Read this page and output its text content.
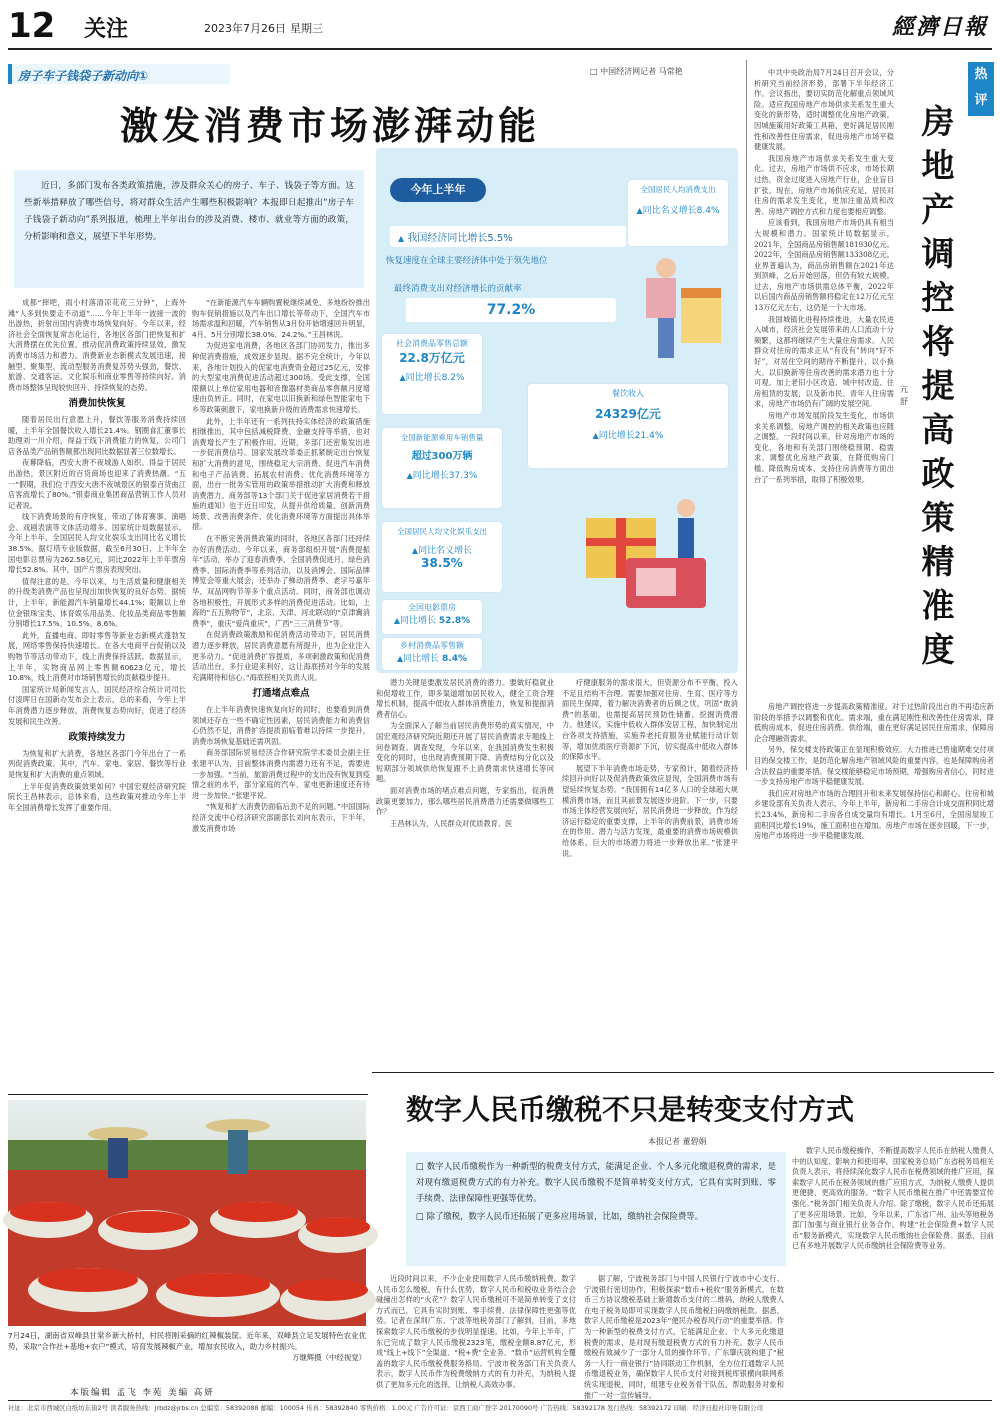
12 关注	2023年7月26日 星期三	經濟日報
房子车子钱袋子新动向①	□ 中国经济网记者 马常艳
激发消费市场澎湃动能

近日，多部门发布各类政策措施，涉及群众关心的房子、车子、钱袋子等方面。这些新举措释放了哪些信号，将对群众生活产生哪些积极影响？本报即日起推出“房子车子钱袋子新动向”系列报道，梳理上半年出台的涉及消费、楼市、就业等方面的政策，分析影响和意义，展望下半年形势。

今年上半年
▲ 我国经济同比增长5.5%
恢复速度在全球主要经济体中处于领先地位
最终消费支出对经济增长的贡献率
77.2%
全国居民人均消费支出
▲同比名义增长8.4%
社会消费品零售总额
22.8万亿元
▲同比增长8.2%
餐饮收入
24329亿元
▲同比增长21.4%
全国新能源乘用车销售量
超过300万辆
▲同比增长37.3%
全国居民人均文化娱乐支出
▲同比名义增长
38.5%
全国电影票房
▲同比增长 52.8%
乡村消费品零售额
▲同比增长 8.4%

成都“摔吧，雨小村落清凉花花三分钟”，上海外滩“人多到快要走不动道”……今年上半年一波接一波的出游热，折射出国内消费市场恢复向好。今年以来，经济社会全面恢复常态化运行，各地区各部门把恢复和扩大消费摆在优先位置，推动促消费政策持续显效，激发消费市场活力和潜力。消费新业态新模式发展迅速，接触型、聚集型、流动型服务消费复苏势头强劲，餐饮、旅游、交通客运、文化娱乐和商业零售等持续向好。消费市场整体呈现较快回升、持续恢复的态势。

消费加快恢复

随着居民出行意愿上升，餐饮等服务消费持续回暖，上半年全国餐饮收入增长21.4%。钢圈食汇董事长助理刘一川介绍，得益于线下消费能力的恢复，公司门店各品类产品销售额都出现同比数据显著三位数增长。

夜幕降临，西安大唐不夜城游人如织。得益于居民出游热，景区附近的百货商场也迎来了消费热潮。“五一”假期，我们位于西安大唐不夜城景区的银泰百货曲江店客流增长了80%。”银泰商业集团商品营销工作人员对记者说。

线下消费场景的有序恢复，带动了体育赛事、演唱会、戏剧表演等文体活动增多。国家统计局数据显示，今年上半年，全国居民人均文化娱乐支出同比名义增长38.5%。据灯塔专业版数据，截至6月30日，上半年全国电影总票房为262.58亿元，同比2022年上半年票房增长52.8%。其中，国产片票房表现突出。

值得注意的是，今年以来，与生活质量和健康相关的升级类消费产品也呈现出加快恢复的良好态势。据统计，上半年，新能源汽车销量增长44.1%；限额以上单位金银珠宝类、体育娱乐用品类、化妆品类商品零售额分别增长17.5%、10.5%、8.6%。

此外，直播电商、即时零售等新业态新模式蓬勃发展，网络零售保持快速增长。在各大电商平台促销以及购物节等活动带动下，线上消费保持活跃。数据显示，上半年，实物商品网上零售额60623亿元，增长10.8%，线上消费对市场销售增长的贡献稳步提升。

国家统计局新闻发言人、国民经济综合统计司司长付凌晖日在国新办发布会上表示，总的来看，今年上半年消费潜力逐步释放，消费恢复态势向好，促进了经济发展和民生改善。

政策持续发力

为恢复和扩大消费，各地区各部门今年出台了一系列促消费政策。其中，汽车、家电、家居、餐饮等行业是恢复和扩大消费的重点领域。

上半年促消费政策效果如何？中国宏观经济研究院院长王昌林表示，总体来看，这些政策对推动今年上半年全国消费增长发挥了重要作用。

“在新能源汽车车辆购置税继续减免、多地纷纷推出购车促销措施以及汽车出口增长等带动下，全国汽车市场需求温和回暖，汽车销售从3月份开始增速回升明显，4月、5月分别增长38.0%、24.2%。”王昌林说。

为促进家电消费，各地区各部门协同发力，推出多种促消费措施，成效逐步显现。据不完全统计，今年以来，各地计划投入的促家电消费资金超过25亿元，安排的大型家电消费促进活动超过300场。受此支撑，全国限额以上单位家用电器和音像器材类商品零售额月度增速由负转正。同时，在家电以旧换新和绿色智能家电下乡等政策刺激下，家电换新升级的消费需求快速增长。

此外，上半年还有一系列扶持实体经济的政策措施相继推出，其中包括减税降费、金融支持等举措，也对消费增长产生了积极作用。近期，多部门还密集发出进一步促消费信号。国家发展改革委正抓紧制定出台恢复和扩大消费的意见，围绕稳定大宗消费、促进汽车消费和电子产品消费、拓展农村消费、优化消费环境等方面，出台一批务实管用的政策举措推动扩大消费和释放消费潜力。商务部等13个部门关于促进家居消费若干措施的通知》也于近日印发，从提升供给质量、创新消费场景、改善消费条件、优化消费环境等方面提出具体举措。

在不断完善消费政策的同时，各地区各部门还持续办好消费活动。今年以来，商务部组织开展“消费提振年”活动，举办了迎春消费季、全国消费促进月、绿色消费季、国际消费季等系列活动，以及消博会、国际品牌博览会等重大展会，还举办了梯动消费季、老字号嘉年华、双品网购节等多个重点活动。同时，商务部也调动各地积极性，开展形式多样的消费促进活动。比如，上海的“五五购物节”，北京、天津、河北联动的“京津冀消费季”，重庆“爱尚重庆”，广西“三三消费节”等。

在促消费政策激励和促消费活动带动下，居民消费潜力逐步释放，居民消费意愿有所提升，也为企业注入更多动力。“促进消费扩容提质，多项刺激政策和促消费活动出台，多行业迎来利好，这让海底捞对今年的发展充满期待和信心。”海底捞相关负责人说。

打通堵点难点

在上半年消费快速恢复向好的同时，也要看到消费领域还存在一些不确定性因素，居民消费能力和消费信心仍然不足，消费扩容提质面临着难以持续一步提升，消费市场恢复基础还需巩固。

商务部国际贸易经济合作研究院学术委员会副主任张建平认为，目前整体消费内需潜力还有不足，需要进一步加强。“当前，旅游消费过程中的支出没有恢复到疫情之前的水平，部分家庭的汽车、家电更新速度还有待进一步加快。”张建平说。

“恢复和扩大消费仍面临后劲不足的问题。”中国国际经济交流中心经济研究部副部长刘向东表示，下半年，激发消费市场

潜力关键是要激发居民消费的潜力。要做好稳就业和促增收工作，即多渠道增加居民收入，健全工资合理增长机制，提高中低收入群体消费能力，恢复和提振消费者信心。

为全面深入了解当前居民消费形势的真实情况，中国宏观经济研究院近期还开展了居民消费需求专题线上问卷调查。调查发现，今年以来，在我国消费发生积极变化的同时，也出现消费预期下降、消费结构分化以及短期部分领域供给恢复跟不上消费需求快速增长等问题。

面对消费市场的堵点难点问题，专家指出，促消费政策更要加力，那么哪些居民消费潜力还需要做哪些工作？

王昌林认为，人民群众对优质教育、医

疗健康服务的需求很大，但资源分布不平衡，投入不足且结构不合理。需要加强对住房、生育、医疗等方面民生保障，着力解决消费者的后顾之忧，巩固“敢消费”的基础，也需提高居民预防性储蓄，挖掘消费潜力。他建议，实施中低收入群体安居工程，加快制定出台各项支持措施，实施养老托育服务业赋能行动计划等，增加优质医疗资源扩下沉，切实提高中低收入群体的保障水平。

展望下半年消费市场走势，专家预计，随着经济持续回升向好以及促消费政策效应显现，全国消费市场有望延续恢复态势。“我国拥有14亿多人口的全球超大规模消费市场，而且其前景发展逐步进阶。下一步，只要市场主体经营发展向好，居民消费进一步释放，作为经济运行稳定的重要支撑，上半年的消费前景，消费市场在的作用、潜力与活力发现，最重要的消费市场规模供给体系，巨大的市场潜力将进一步释放出来。”张建平说。

热
评
房地产调控将提高政策精准度
亢舒

中共中央政治局7月24日召开会议，分析研究当前经济形势，部署下半年经济工作。会议指出，要切实防范化解重点领域风险。适应我国房地产市场供求关系发生重大变化的新形势，适时调整优化房地产政策，因城施策用好政策工具箱，更好满足居民刚性和改善性住房需求，促进房地产市场平稳健康发展。

我国房地产市场供求关系发生重大变化。过去，房地产市场供不应求，市场长期过热，资金过度进入房地产行业，企业盲目扩张。现在，房地产市场供应充足，居民对住房的需求发生变化，更加注重品质和改善。房地产调控方式和力度也要相应调整。

应该看到，我国房地产市场仍具有相当大规模和潜力。国家统计局数据显示，2021年，全国商品房销售额181930亿元。2022年，全国商品房销售额133308亿元。业界普遍认为，商品房销售额在2021年达到顶峰，之后开始回落，但仍有较大规模。过去，房地产市场供需总体平衡，2022年以后国内商品房销售额将稳定在12万亿元至13万亿元左右，这仍是一个大市场。

我国城镇化进程持续推进，大量农民进入城市，经济社会发展带来的人口流动十分频繁，这都将继续产生大量住房需求。人民群众对住房的需求正从“有没有”转向“好不好”，对居住空间的期待不断提升，以小换大、以旧换新等住房改善的需求潜力也十分可观。加上老旧小区改造、城中村改造、住房租赁的发展，以及新市民、青年人住房需求，房地产市场仍有广阔的发展空间。

房地产市场发展阶段发生变化，市场供求关系调整，房地产调控的相关政策也应随之调整。一段时间以来，针对房地产市场的变化，各地和有关部门围绕稳预期、稳需求、调整优化房地产政策，在降低购房门槛、降低购房成本、支持住房消费等方面出台了一系列举措，取得了积极效果。

房地产调控将进一步提高政策精准度。对于过热阶段出台的不再适应新阶段的举措予以调整和优化。需求端，重在满足刚性和改善性住房需求，降低购房成本，促进住房消费。供给端，重在更好满足居民住房需求，保障房企合理融资需求。

另外，保交楼支持政策正在显现积极效应。大力推进已售逾期难交付项目的保交楼工作，是防范化解房地产领域风险的重要内容，也是保障购房者合法权益的重要举措。保交楼能够稳定市场预期，增强购房者信心，同时进一步支持房地产市场平稳健康发展。

我们应对房地产市场的合理回升和未来发展保持信心和耐心。住房和城乡建设部有关负责人表示，今年上半年，新房和二手房合计成交面积同比增长23.4%，新房和二手房各自成交量均有增长。1月至6月，全国房屋竣工面积同比增长19%，施工面积也在增加。房地产市场在逐步回暖，下一步，房地产市场将进一步平稳健康发展。

数字人民币缴税不只是转变支付方式
本报记者 董碧娟

□ 数字人民币缴税作为一种新型的税费支付方式，能满足企业、个人多元化缴退税费的需求，是对现有缴退税费方式的有力补充。数字人民币缴税不是简单转变支付方式，它具有实时到账、零手续费、法律保障性更强等优势。

□ 除了缴税，数字人民币还拓展了更多应用场景，比如，缴纳社会保险费等。

近段时间以来，不少企业使用数字人民币缴纳税费。数字人民币怎么缴税，有什么优势，数字人民币和税收业务结合会碰撞出怎样的“火花”？数字人民币缴税可不是简单转变了支付方式而已，它具有实时到账、零手续费、法律保障性更强等优势。记者在深圳广东、宁波等地税务部门了解到，目前，多地探索数字人民币缴税的步伐明显提速。比如，今年上半年，广东已完成了数字人民币缴税2323笔，缴税金额8.87亿元，形成“线上+线下”全渠道、“税+费”全业务、“数币”运营机构全覆盖的数字人民币缴税费服务格局。宁波市税务部门有关负责人表示，数字人民币作为税费缴纳方式的有力补充，为纳税人提供了更加多元化的选择，让纳税人高效办事。

据了解，宁波税务部门与中国人民银行宁波市中心支行、宁波银行密切协作，积极探索“数币+税收”服务新模式，在数币三方协议缴税基础上新增数币支付的二维码，纳税人缴费人在电子税务局即可实现数字人民币缴税扫码缴纳税款。据悉，数字人民币缴税是2023年“便民办税春风行动”的重要举措。作为一种新型的税费支付方式，它能满足企业、个人多元化缴退税费的需求，是对现有缴退税费方式的有力补充。数字人民币缴税有效减少了一部分人员的操作环节。广东肇庆就构建了“税务一人行一商业银行”协同联动工作机制，全方位打通数字人民币缴退税业务，确保数字人民币支付对接到税库银横向联网系统实现退税，同时，组建专业税务骨干队伍，帮助服务对象和推广一对一宣传辅导。

数字人民币缴税操作，不断提高数字人民币在纳税人缴费人中的认知度、影响力和使用率。国家税务总局广东省税务局相关负责人表示，将持续深化数字人民币在税费领域的推广应用，探索数字人民币在税务领域的推广应用方式，为纳税人缴费人提供更便捷、更高效的服务。“数字人民币缴税在推广中还需要宣传强化。”税务部门相关负责人介绍。除了缴税，数字人民币还拓展了更多应用场景。比如，今年以来，广东省广州、汕头等地税务部门加强与商业银行业务合作，构建“社会保险费+数字人民币”服务新模式，实现数字人民币缴纳社会保险费。据悉，目前已有多地开展数字人民币缴纳社会保险费等业务。

7月24日，湖南省双峰县甘棠乡新大桥村，村民将刚采摘的红辣椒装筐。近年来，双峰县立足发展特色农业优势，采取“合作社+基地+农户”模式，培育发展辣椒产业，增加农民收入，助力乡村振兴。
万继辉摄（中经视觉）
本版编辑 孟飞 李苑 美编 高妍
社址：北京市西城区白纸坊东街2号 读者服务热线：jrbdz@jrbs.cn 总编室：58392088 邮编：100054 传真：58392840 零售价格：1.00元 广告许可证：京西工商广登字 20170090号 广告热线：58392178 发行热线：58392172 印刷：经济日报社印务有限公司
